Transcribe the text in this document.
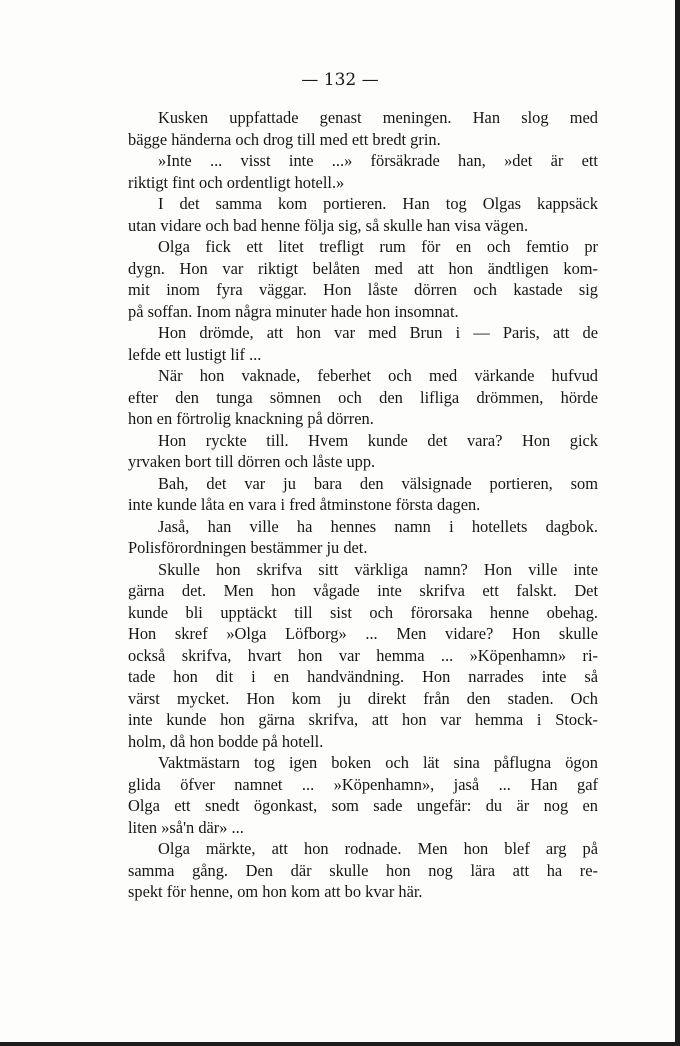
— 132 —

Kusken uppfattade genast meningen. Han slog med
bägge händerna och drog till med ett bredt grin.

»Inte ... visst inte ...» försäkrade han, »det är ett
riktigt fint och ordentligt hotell.»

I det samma kom portieren. Han tog Olgas kappsäck
utan vidare och bad henne följa sig, så skulle han visa vägen.

Olga fick ett litet trefligt rum för en och femtio pr
dygn. Hon var riktigt belåten med att hon ändtligen kom-
mit inom fyra väggar. Hon låste dörren och kastade sig
på soffan. Inom några minuter hade hon insomnat.

Hon drömde, att hon var med Brun i — Paris, att de
lefde ett lustigt lif ...

När hon vaknade, feberhet och med värkande hufvud
efter den tunga sömnen och den lifliga drömmen, hörde
hon en förtrolig knackning på dörren.

Hon ryckte till. Hvem kunde det vara? Hon gick
yrvaken bort till dörren och låste upp.

Bah, det var ju bara den välsignade portieren, som
inte kunde låta en vara i fred åtminstone första dagen.

Jaså, han ville ha hennes namn i hotellets dagbok.
Polisförordningen bestämmer ju det.

Skulle hon skrifva sitt värkliga namn? Hon ville inte
gärna det. Men hon vågade inte skrifva ett falskt. Det
kunde bli upptäckt till sist och förorsaka henne obehag.
Hon skref »Olga Löfborg» ... Men vidare? Hon skulle
också skrifva, hvart hon var hemma ... »Köpenhamn» ri-
tade hon dit i en handvändning. Hon narrades inte så
värst mycket. Hon kom ju direkt från den staden. Och
inte kunde hon gärna skrifva, att hon var hemma i Stock-
holm, då hon bodde på hotell.

Vaktmästarn tog igen boken och lät sina påflugna ögon
glida öfver namnet ... »Köpenhamn», jaså ... Han gaf
Olga ett snedt ögonkast, som sade ungefär: du är nog en
liten »så'n där» ...

Olga märkte, att hon rodnade. Men hon blef arg på
samma gång. Den där skulle hon nog lära att ha re-
spekt för henne, om hon kom att bo kvar här.
